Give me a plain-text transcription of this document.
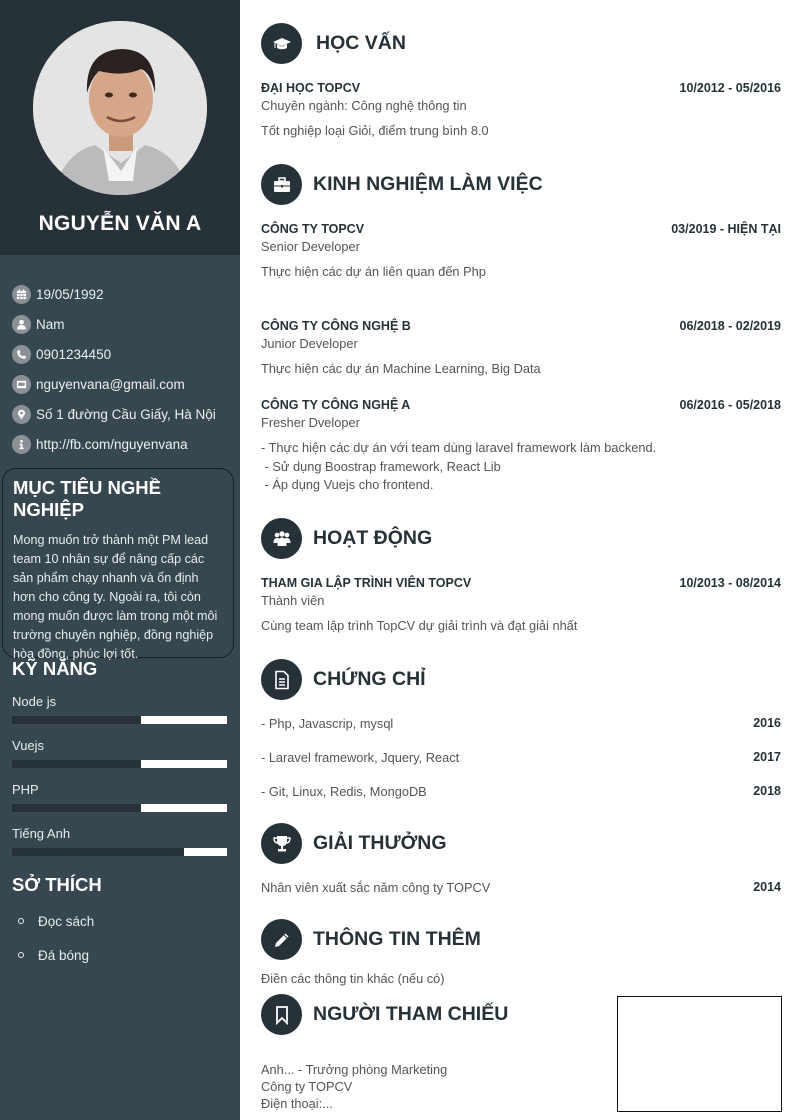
NGUYỄN VĂN A
19/05/1992
Nam
0901234450
nguyenvana@gmail.com
Số 1 đường Cầu Giấy, Hà Nội
http://fb.com/nguyenvana
MỤC TIÊU NGHỀ NGHIỆP

Mong muốn trở thành một PM lead team 10 nhân sự để nâng cấp các sản phẩm chạy nhanh và ổn định hơn cho công ty. Ngoài ra, tôi còn mong muốn được làm trong một môi trường chuyên nghiệp, đồng nghiệp hòa đồng, phúc lợi tốt.

KỸ NĂNG
Node js
Vuejs
PHP
Tiếng Anh
SỞ THÍCH
Đọc sách
Đá bóng
HỌC VẤN
ĐẠI HỌC TOPCV	10/2012 - 05/2016
Chuyên ngành: Công nghệ thông tin
Tốt nghiệp loại Giỏi, điểm trung bình 8.0
KINH NGHIỆM LÀM VIỆC
CÔNG TY TOPCV	03/2019 - HIỆN TẠI
Senior Developer
Thực hiện các dự án liên quan đến Php
CÔNG TY CÔNG NGHỆ B	06/2018 - 02/2019
Junior Developer
Thực hiện các dự án Machine Learning, Big Data
CÔNG TY CÔNG NGHỆ A	06/2016 - 05/2018
Fresher Dveloper
- Thực hiện các dự án với team dùng laravel framework làm backend.
- Sử dụng Boostrap framework, React Lib
- Áp dụng Vuejs cho frontend.
HOẠT ĐỘNG
THAM GIA LẬP TRÌNH VIÊN TOPCV	10/2013 - 08/2014
Thành viên
Cùng team lập trình TopCV dự giải trình và đạt giải nhất
CHỨNG CHỈ
- Php, Javascrip, mysql	2016
- Laravel framework, Jquery, React	2017
- Git, Linux, Redis, MongoDB	2018
GIẢI THƯỞNG
Nhân viên xuất sắc năm công ty TOPCV	2014
THÔNG TIN THÊM
Điền các thông tin khác (nếu có)
NGƯỜI THAM CHIẾU
Anh... - Trưởng phòng Marketing
Công ty TOPCV
Điện thoại:...
